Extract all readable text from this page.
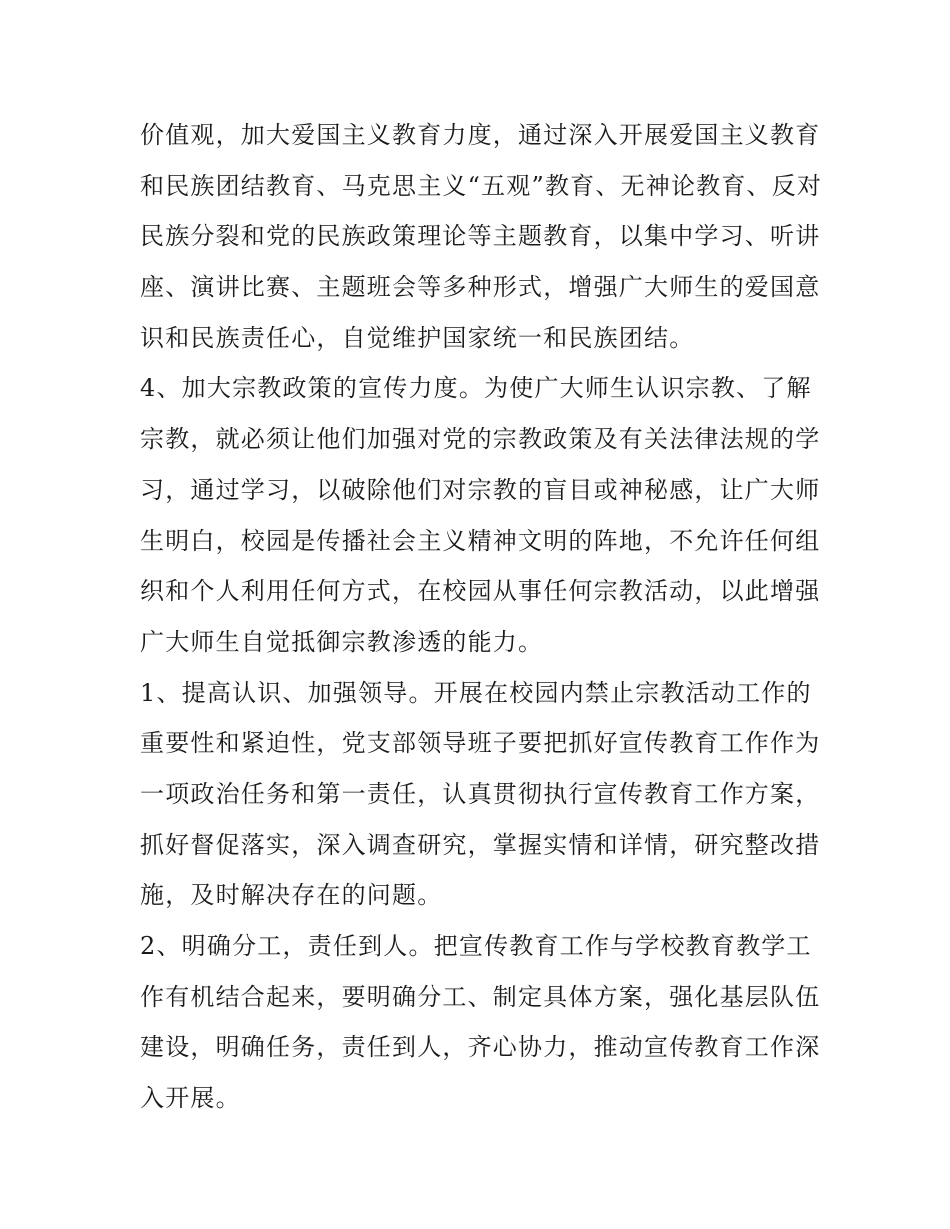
价值观，加大爱国主义教育力度，通过深入开展爱国主义教育
和民族团结教育、马克思主义“五观”教育、无神论教育、反对
民族分裂和党的民族政策理论等主题教育，以集中学习、听讲
座、演讲比赛、主题班会等多种形式，增强广大师生的爱国意
识和民族责任心，自觉维护国家统一和民族团结。
4、加大宗教政策的宣传力度。为使广大师生认识宗教、了解
宗教，就必须让他们加强对党的宗教政策及有关法律法规的学
习，通过学习，以破除他们对宗教的盲目或神秘感，让广大师
生明白，校园是传播社会主义精神文明的阵地，不允许任何组
织和个人利用任何方式，在校园从事任何宗教活动，以此增强
广大师生自觉抵御宗教渗透的能力。
1、提高认识、加强领导。开展在校园内禁止宗教活动工作的
重要性和紧迫性，党支部领导班子要把抓好宣传教育工作作为
一项政治任务和第一责任，认真贯彻执行宣传教育工作方案，
抓好督促落实，深入调查研究，掌握实情和详情，研究整改措
施，及时解决存在的问题。
2、明确分工，责任到人。把宣传教育工作与学校教育教学工
作有机结合起来，要明确分工、制定具体方案，强化基层队伍
建设，明确任务，责任到人，齐心协力，推动宣传教育工作深
入开展。
